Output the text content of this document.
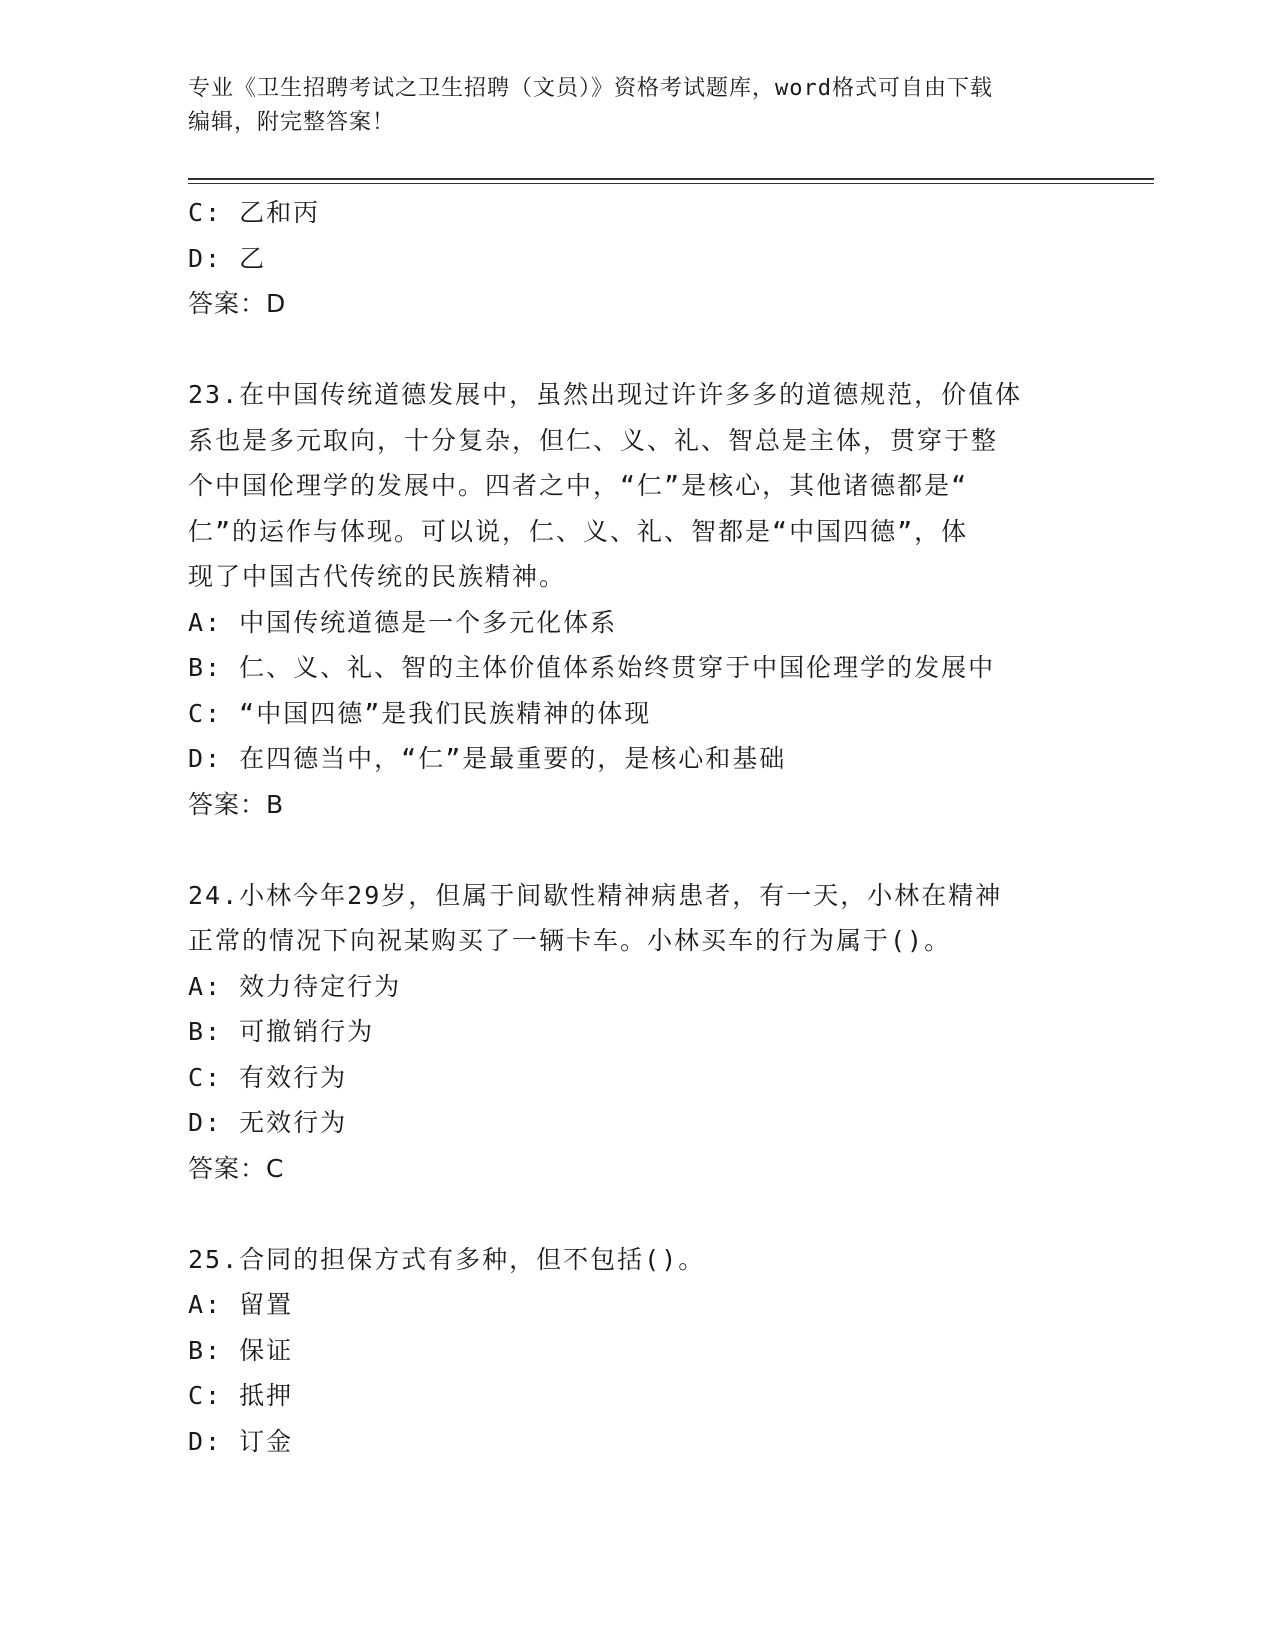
专业《卫生招聘考试之卫生招聘（文员）》资格考试题库，word格式可自由下载
编辑，附完整答案！
C: 乙和丙
D: 乙
答案：D
23.在中国传统道德发展中，虽然出现过许许多多的道德规范，价值体
系也是多元取向，十分复杂，但仁、义、礼、智总是主体，贯穿于整
个中国伦理学的发展中。四者之中，“仁”是核心，其他诸德都是“
仁”的运作与体现。可以说，仁、义、礼、智都是“中国四德”，体
现了中国古代传统的民族精神。
A: 中国传统道德是一个多元化体系
B: 仁、义、礼、智的主体价值体系始终贯穿于中国伦理学的发展中
C: “中国四德”是我们民族精神的体现
D: 在四德当中，“仁”是最重要的，是核心和基础
答案：B
24.小林今年29岁，但属于间歇性精神病患者，有一天，小林在精神
正常的情况下向祝某购买了一辆卡车。小林买车的行为属于()。
A: 效力待定行为
B: 可撤销行为
C: 有效行为
D: 无效行为
答案：C
25.合同的担保方式有多种，但不包括()。
A: 留置
B: 保证
C: 抵押
D: 订金
